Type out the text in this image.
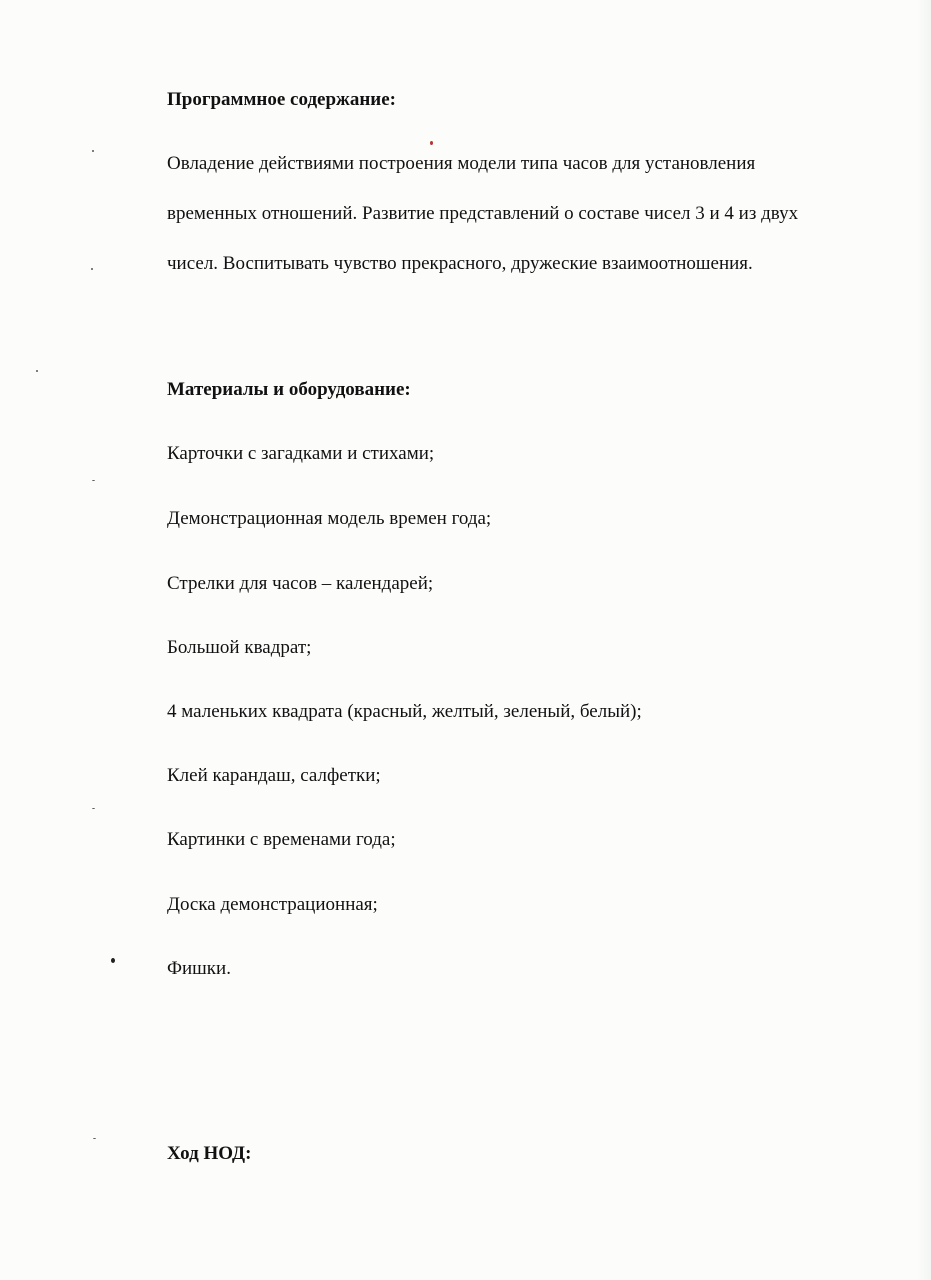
Программное содержание:

Овладение действиями построения модели типа часов для установления

временных отношений. Развитие представлений о составе чисел 3 и 4 из двух

чисел. Воспитывать чувство прекрасного, дружеские взаимоотношения.

Материалы и оборудование:

Карточки с загадками и стихами;

Демонстрационная модель времен года;

Стрелки для часов – календарей;

Большой квадрат;

4 маленьких квадрата (красный, желтый, зеленый, белый);

Клей карандаш, салфетки;

Картинки с временами года;

Доска демонстрационная;

Фишки.

Ход НОД:
